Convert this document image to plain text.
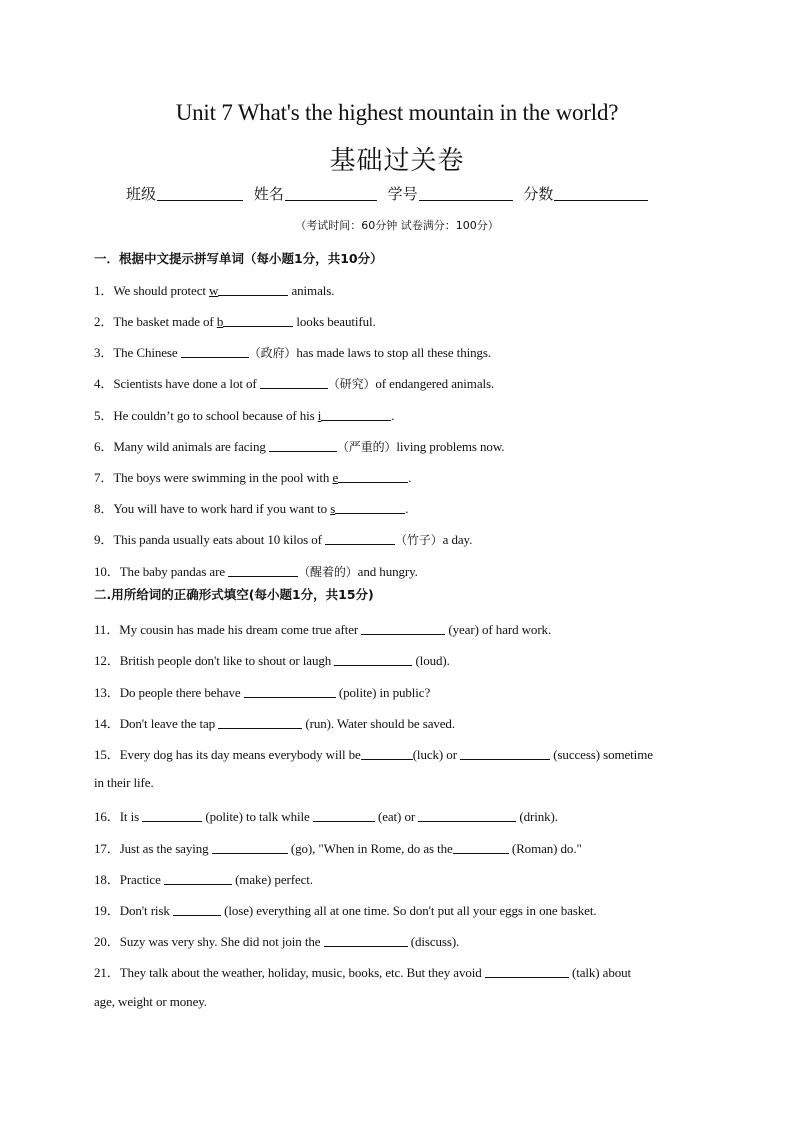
Unit 7 What's the highest mountain in the world?
基础过关卷
班级	姓名	学号	分数
（考试时间：60分钟 试卷满分：100分）
一．根据中文提示拼写单词（每小题1分，共10分）
1．We should protect w	animals.
2．The basket made of b	looks beautiful.
3．The Chinese	（政府）has made laws to stop all these things.
4．Scientists have done a lot of	（研究）of endangered animals.
5．He couldn’t go to school because of his i	.
6．Many wild animals are facing	（严重的）living problems now.
7．The boys were swimming in the pool with e	.
8．You will have to work hard if you want to s	.
9．This panda usually eats about 10 kilos of	（竹子）a day.
10．The baby pandas are	（醒着的）and hungry.
二.用所给词的正确形式填空(每小题1分，共15分)
11．My cousin has made his dream come true after	(year) of hard work.
12．British people don't like to shout or laugh	(loud).
13．Do people there behave	(polite) in public?
14．Don't leave the tap	(run). Water should be saved.
15．Every dog has its day means everybody will be	(luck) or	(success) sometime
in their life.
16．It is	(polite) to talk while	(eat) or	(drink).
17．Just as the saying	(go), "When in Rome, do as the	(Roman) do."
18．Practice	(make) perfect.
19．Don't risk	(lose) everything all at one time. So don't put all your eggs in one basket.
20．Suzy was very shy. She did not join the	(discuss).
21．They talk about the weather, holiday, music, books, etc. But they avoid	(talk) about
age, weight or money.
